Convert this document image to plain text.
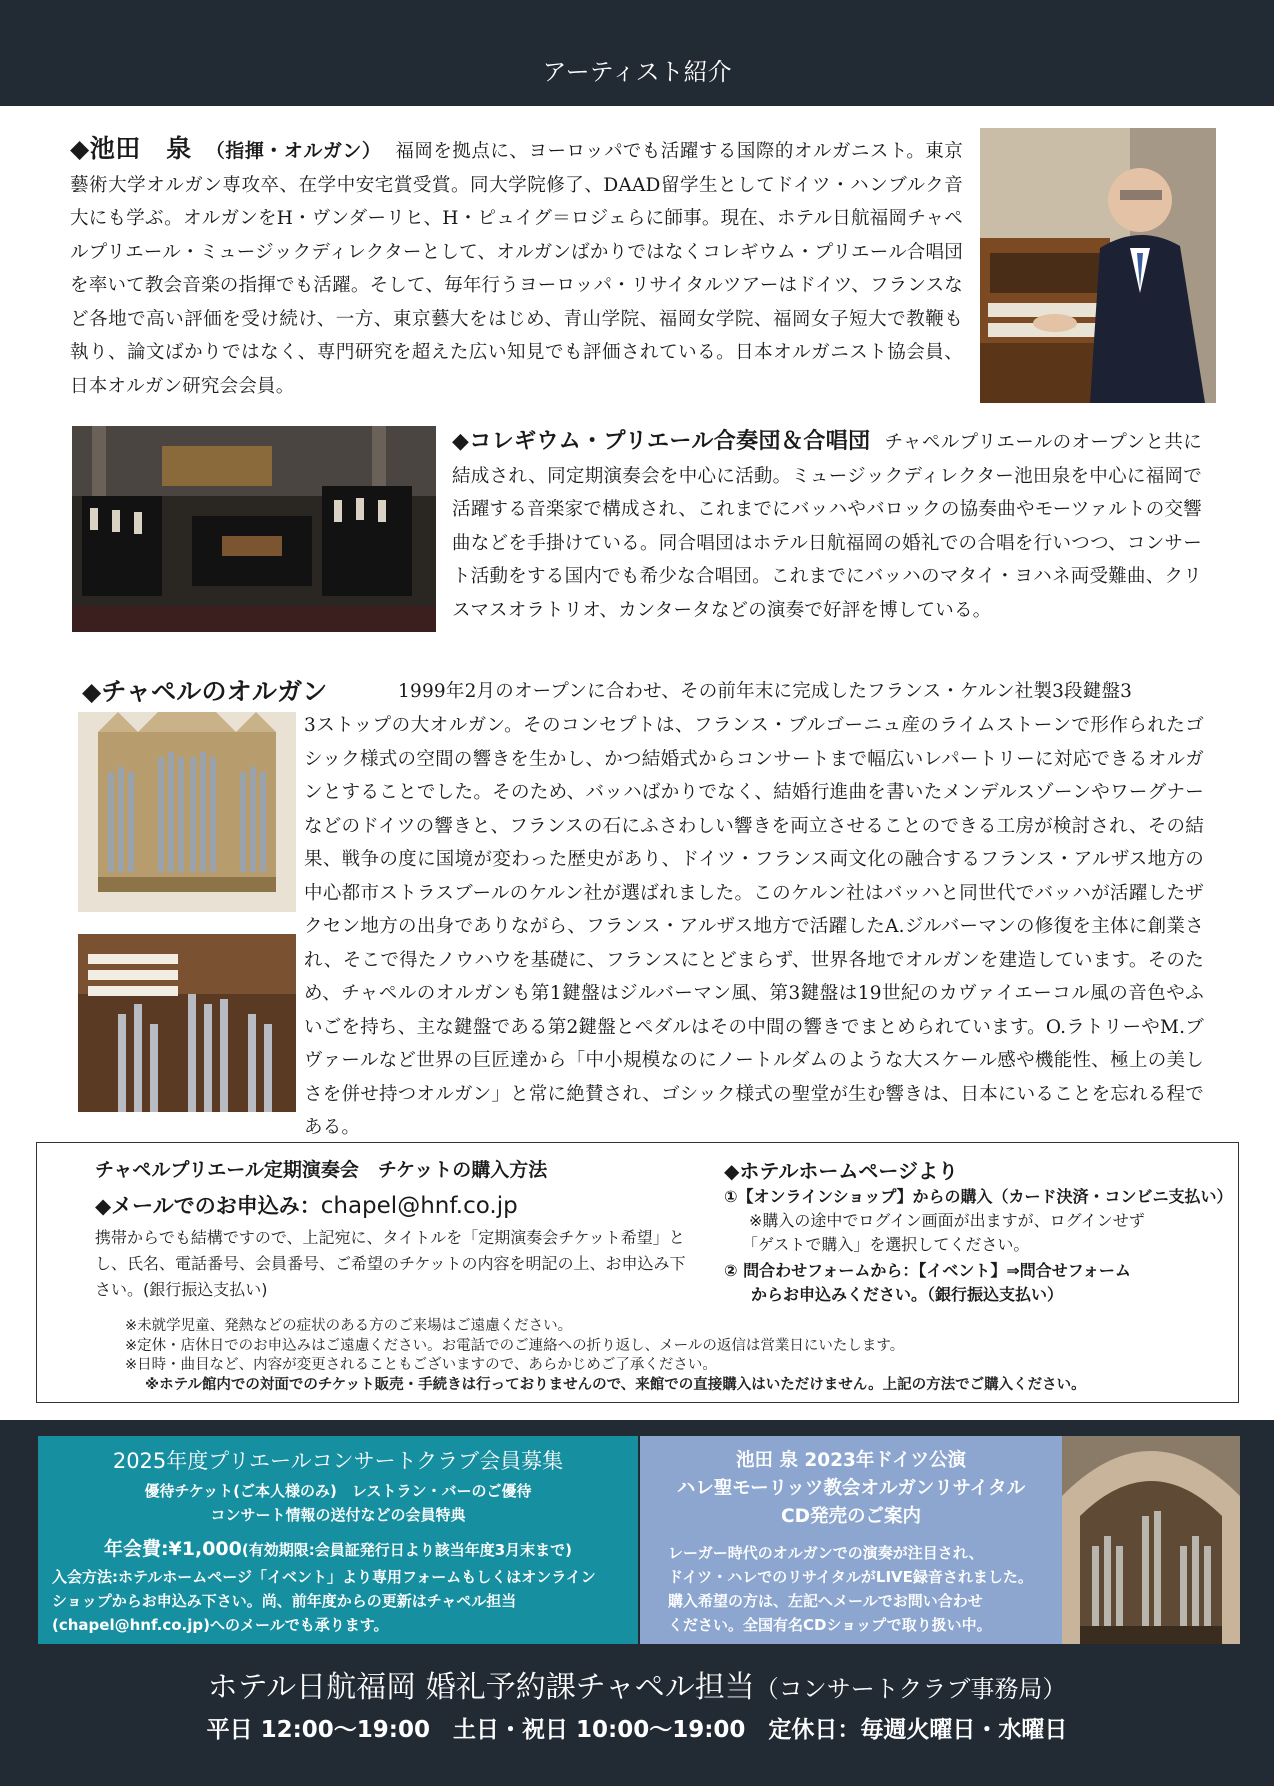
アーティスト紹介
◆池田　泉 （指揮・オルガン） 福岡を拠点に、ヨーロッパでも活躍する国際的オルガニスト。東京藝術大学オルガン専攻卒、在学中安宅賞受賞。同大学院修了、DAAD留学生としてドイツ・ハンブルク音大にも学ぶ。オルガンをH・ヴンダーリヒ、H・ピュイグ＝ロジェらに師事。現在、ホテル日航福岡チャペルプリエール・ミュージックディレクターとして、オルガンばかりではなくコレギウム・プリエール合唱団を率いて教会音楽の指揮でも活躍。そして、毎年行うヨーロッパ・リサイタルツアーはドイツ、フランスなど各地で高い評価を受け続け、一方、東京藝大をはじめ、青山学院、福岡女学院、福岡女子短大で教鞭も執り、論文ばかりではなく、専門研究を超えた広い知見でも評価されている。日本オルガニスト協会員、日本オルガン研究会会員。
◆コレギウム・プリエール合奏団＆合唱団 チャペルプリエールのオープンと共に結成され、同定期演奏会を中心に活動。ミュージックディレクター池田泉を中心に福岡で活躍する音楽家で構成され、これまでにバッハやバロックの協奏曲やモーツァルトの交響曲などを手掛けている。同合唱団はホテル日航福岡の婚礼での合唱を行いつつ、コンサート活動をする国内でも希少な合唱団。これまでにバッハのマタイ・ヨハネ両受難曲、クリスマスオラトリオ、カンタータなどの演奏で好評を博している。
◆チャペルのオルガン	1999年2月のオープンに合わせ、その前年末に完成したフランス・ケルン社製3段鍵盤3
3ストップの大オルガン。そのコンセプトは、フランス・ブルゴーニュ産のライムストーンで形作られたゴシック様式の空間の響きを生かし、かつ結婚式からコンサートまで幅広いレパートリーに対応できるオルガンとすることでした。そのため、バッハばかりでなく、結婚行進曲を書いたメンデルスゾーンやワーグナーなどのドイツの響きと、フランスの石にふさわしい響きを両立させることのできる工房が検討され、その結果、戦争の度に国境が変わった歴史があり、ドイツ・フランス両文化の融合するフランス・アルザス地方の中心都市ストラスブールのケルン社が選ばれました。このケルン社はバッハと同世代でバッハが活躍したザクセン地方の出身でありながら、フランス・アルザス地方で活躍したA.ジルバーマンの修復を主体に創業され、そこで得たノウハウを基礎に、フランスにとどまらず、世界各地でオルガンを建造しています。そのため、チャペルのオルガンも第1鍵盤はジルバーマン風、第3鍵盤は19世紀のカヴァイエーコル風の音色やふいごを持ち、主な鍵盤である第2鍵盤とペダルはその中間の響きでまとめられています。O.ラトリーやM.ブヴァールなど世界の巨匠達から「中小規模なのにノートルダムのような大スケール感や機能性、極上の美しさを併せ持つオルガン」と常に絶賛され、ゴシック様式の聖堂が生む響きは、日本にいることを忘れる程である。
チャペルプリエール定期演奏会　チケットの購入方法
◆メールでのお申込み：chapel@hnf.co.jp
携帯からでも結構ですので、上記宛に、タイトルを「定期演奏会チケット希望」とし、氏名、電話番号、会員番号、ご希望のチケットの内容を明記の上、お申込み下さい。(銀行振込支払い)
◆ホテルホームページより
①【オンラインショップ】からの購入（カード決済・コンビニ支払い）
※購入の途中でログイン画面が出ますが、ログインせず
「ゲストで購入」を選択してください。
② 問合わせフォームから：【イベント】⇒問合せフォーム
からお申込みください。（銀行振込支払い）
※未就学児童、発熱などの症状のある方のご来場はご遠慮ください。
※定休・店休日でのお申込みはご遠慮ください。お電話でのご連絡への折り返し、メールの返信は営業日にいたします。
※日時・曲目など、内容が変更されることもございますので、あらかじめご了承ください。
※ホテル館内での対面でのチケット販売・手続きは行っておりませんので、来館での直接購入はいただけません。上記の方法でご購入ください。
2025年度プリエールコンサートクラブ会員募集
優待チケット(ご本人様のみ)　レストラン・バーのご優待
コンサート情報の送付などの会員特典
年会費:¥1,000(有効期限:会員証発行日より該当年度3月末まで)
入会方法:ホテルホームページ「イベント」より専用フォームもしくはオンライン
ショップからお申込み下さい。尚、前年度からの更新はチャペル担当
(chapel@hnf.co.jp)へのメールでも承ります。
池田 泉 2023年ドイツ公演
ハレ聖モーリッツ教会オルガンリサイタル
CD発売のご案内
レーガー時代のオルガンでの演奏が注目され、
ドイツ・ハレでのリサイタルがLIVE録音されました。
購入希望の方は、左記へメールでお問い合わせ
ください。全国有名CDショップで取り扱い中。
ホテル日航福岡 婚礼予約課チャペル担当（コンサートクラブ事務局）
平日 12:00〜19:00　土日・祝日 10:00〜19:00　定休日：毎週火曜日・水曜日
